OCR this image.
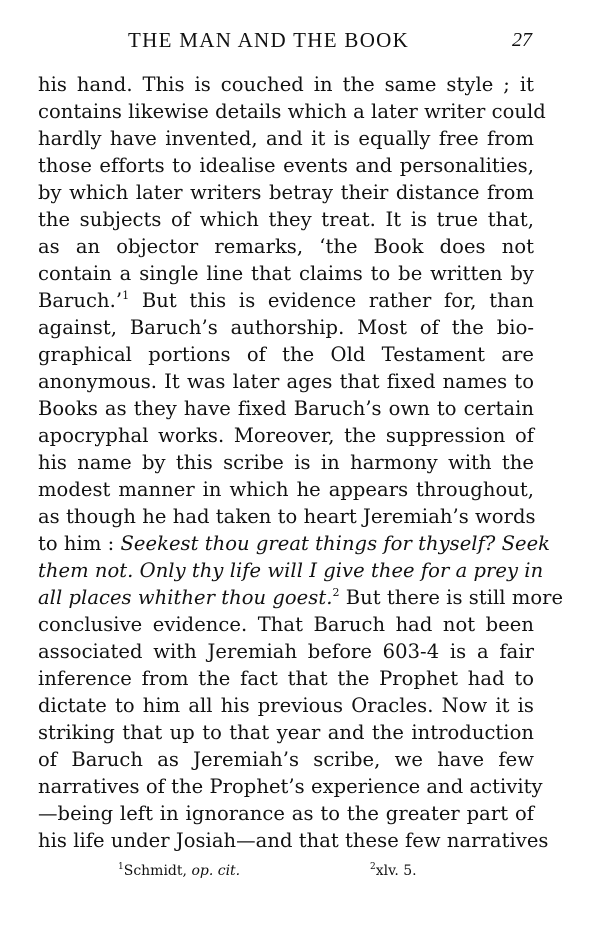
THE MAN AND THE BOOK	27
his hand. This is couched in the same style ; it
contains likewise details which a later writer could
hardly have invented, and it is equally free from
those efforts to idealise events and personalities,
by which later writers betray their distance from
the subjects of which they treat. It is true that,
as an objector remarks, ‘the Book does not
contain a single line that claims to be written by
Baruch.’$^1$ But this is evidence rather for, than
against, Baruch’s authorship. Most of the bio-
graphical portions of the Old Testament are
anonymous. It was later ages that fixed names to
Books as they have fixed Baruch’s own to certain
apocryphal works. Moreover, the suppression of
his name by this scribe is in harmony with the
modest manner in which he appears throughout,
as though he had taken to heart Jeremiah’s words
to him : Seekest thou great things for thyself? Seek
them not. Only thy life will I give thee for a prey in
all places whither thou goest.$^2$ But there is still more
conclusive evidence. That Baruch had not been
associated with Jeremiah before 603-4 is a fair
inference from the fact that the Prophet had to
dictate to him all his previous Oracles. Now it is
striking that up to that year and the introduction
of Baruch as Jeremiah’s scribe, we have few
narratives of the Prophet’s experience and activity
—being left in ignorance as to the greater part of
his life under Josiah—and that these few narratives
$^1$Schmidt, op. cit.	$^2$xlv. 5.
